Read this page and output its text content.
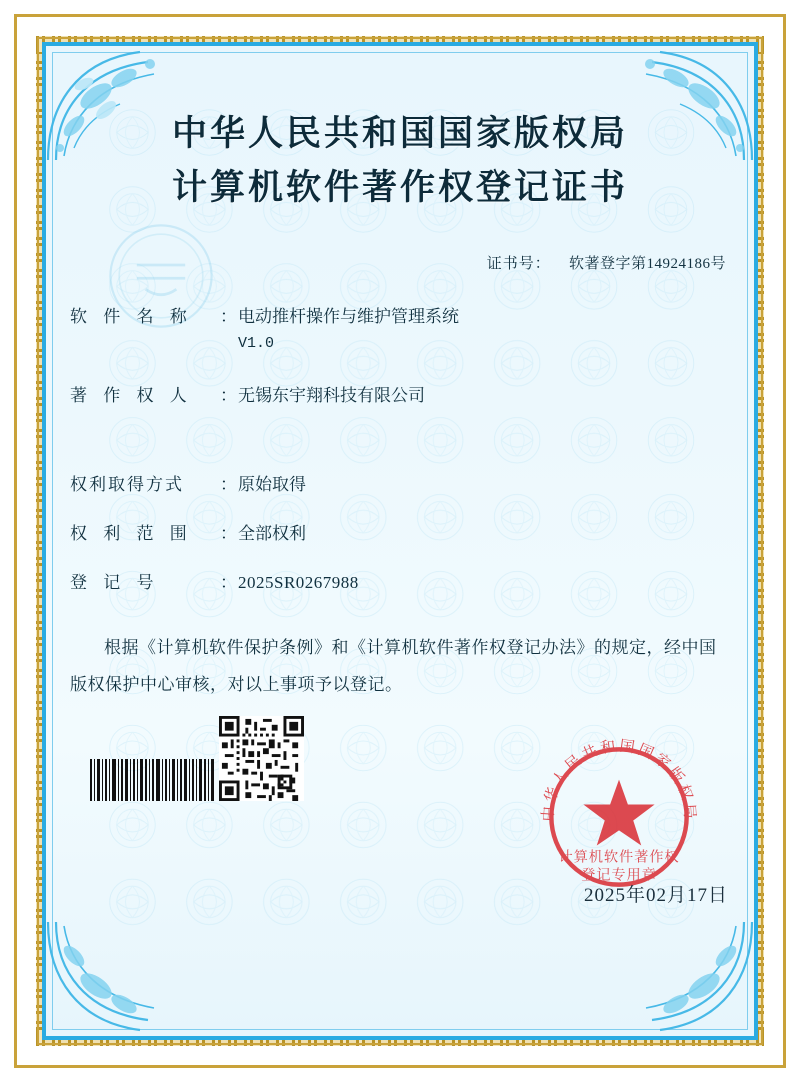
中华人民共和国国家版权局
计算机软件著作权登记证书
证书号： 软著登字第14924186号
软 件 名 称	： 电动推杆操作与维护管理系统
V1.0
著 作 权 人	： 无锡东宇翔科技有限公司
权利取得方式	： 原始取得
权 利 范 围	： 全部权利
登 记 号	： 2025SR0267988
根据《计算机软件保护条例》和《计算机软件著作权登记办法》的规定，经中国版权保护中心审核，对以上事项予以登记。

中华人民共和国国家版权局
计算机软件著作权
登记专用章
2025年02月17日
